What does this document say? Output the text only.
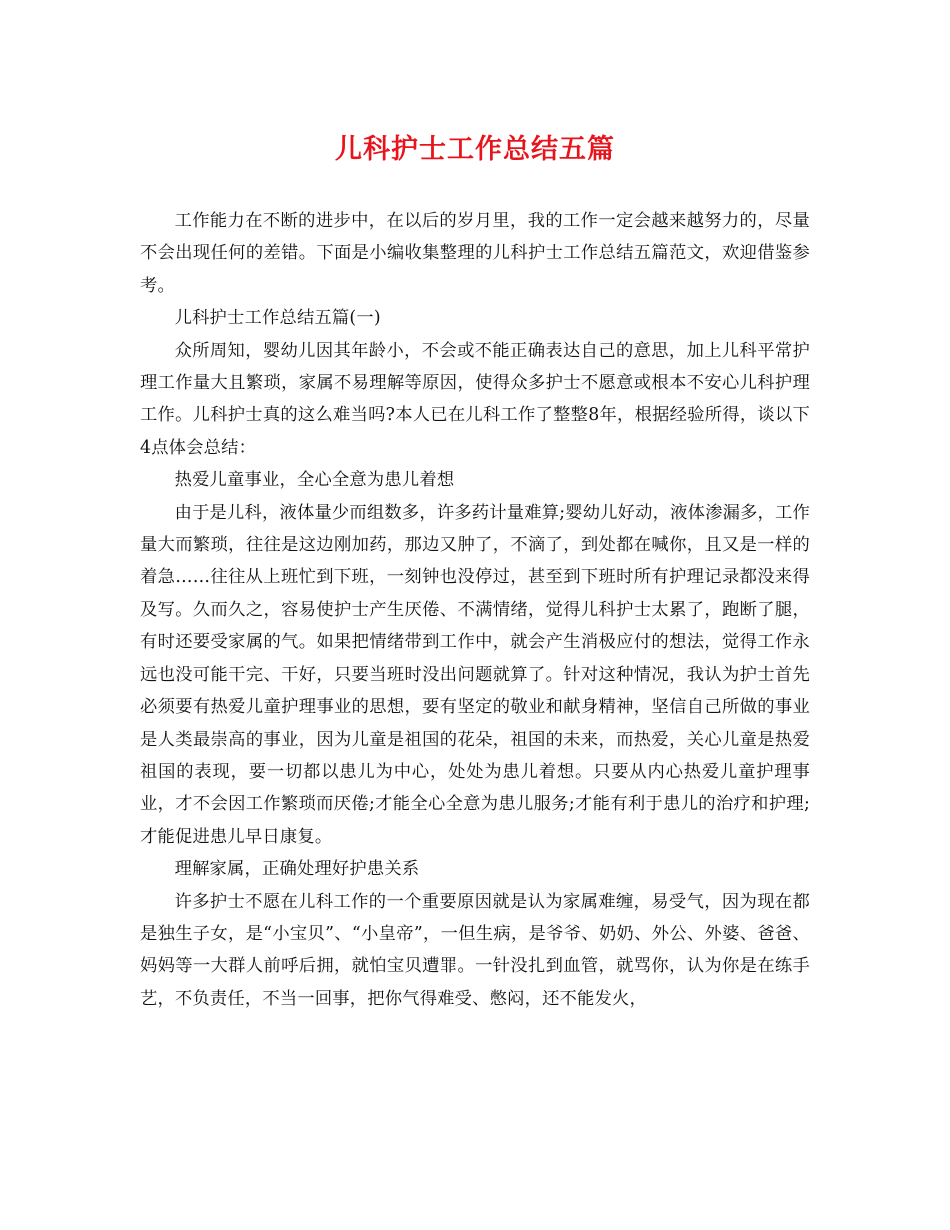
儿科护士工作总结五篇

工作能力在不断的进步中，在以后的岁月里，我的工作一定会越来越努力的，尽量不会出现任何的差错。下面是小编收集整理的儿科护士工作总结五篇范文，欢迎借鉴参考。

儿科护士工作总结五篇(一)

众所周知，婴幼儿因其年龄小，不会或不能正确表达自己的意思，加上儿科平常护理工作量大且繁琐，家属不易理解等原因，使得众多护士不愿意或根本不安心儿科护理工作。儿科护士真的这么难当吗?本人已在儿科工作了整整8年，根据经验所得，谈以下4点体会总结：

热爱儿童事业，全心全意为患儿着想

由于是儿科，液体量少而组数多，许多药计量难算;婴幼儿好动，液体渗漏多，工作量大而繁琐，往往是这边刚加药，那边又肿了，不滴了，到处都在喊你，且又是一样的着急……往往从上班忙到下班，一刻钟也没停过，甚至到下班时所有护理记录都没来得及写。久而久之，容易使护士产生厌倦、不满情绪，觉得儿科护士太累了，跑断了腿，有时还要受家属的气。如果把情绪带到工作中，就会产生消极应付的想法，觉得工作永远也没可能干完、干好，只要当班时没出问题就算了。针对这种情况，我认为护士首先必须要有热爱儿童护理事业的思想，要有坚定的敬业和献身精神，坚信自己所做的事业是人类最崇高的事业，因为儿童是祖国的花朵，祖国的未来，而热爱，关心儿童是热爱祖国的表现，要一切都以患儿为中心，处处为患儿着想。只要从内心热爱儿童护理事业，才不会因工作繁琐而厌倦;才能全心全意为患儿服务;才能有利于患儿的治疗和护理;才能促进患儿早日康复。

理解家属，正确处理好护患关系

许多护士不愿在儿科工作的一个重要原因就是认为家属难缠，易受气，因为现在都是独生子女，是“小宝贝”、“小皇帝”，一但生病，是爷爷、奶奶、外公、外婆、爸爸、妈妈等一大群人前呼后拥，就怕宝贝遭罪。一针没扎到血管，就骂你，认为你是在练手艺，不负责任，不当一回事，把你气得难受、憋闷，还不能发火，
